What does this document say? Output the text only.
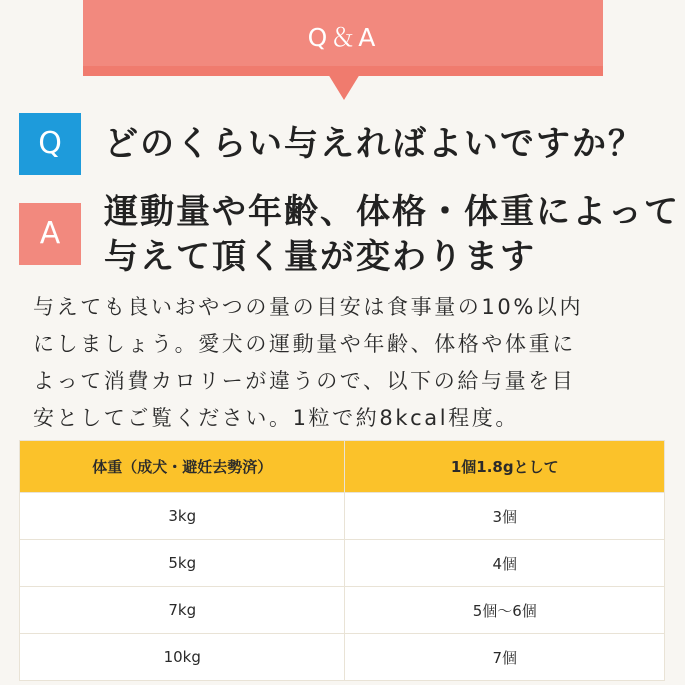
Q＆A
Q	どのくらい与えればよいですか？
A
運動量や年齢、体格・体重によって
与えて頂く量が変わります
与えても良いおやつの量の目安は食事量の10%以内
にしましょう。愛犬の運動量や年齢、体格や体重に
よって消費カロリーが違うので、以下の給与量を目
安としてご覧ください。1粒で約8kcal程度。
体重（成犬・避妊去勢済）	1個1.8gとして
3kg	3個
5kg	4個
7kg	5個〜6個
10kg	7個
